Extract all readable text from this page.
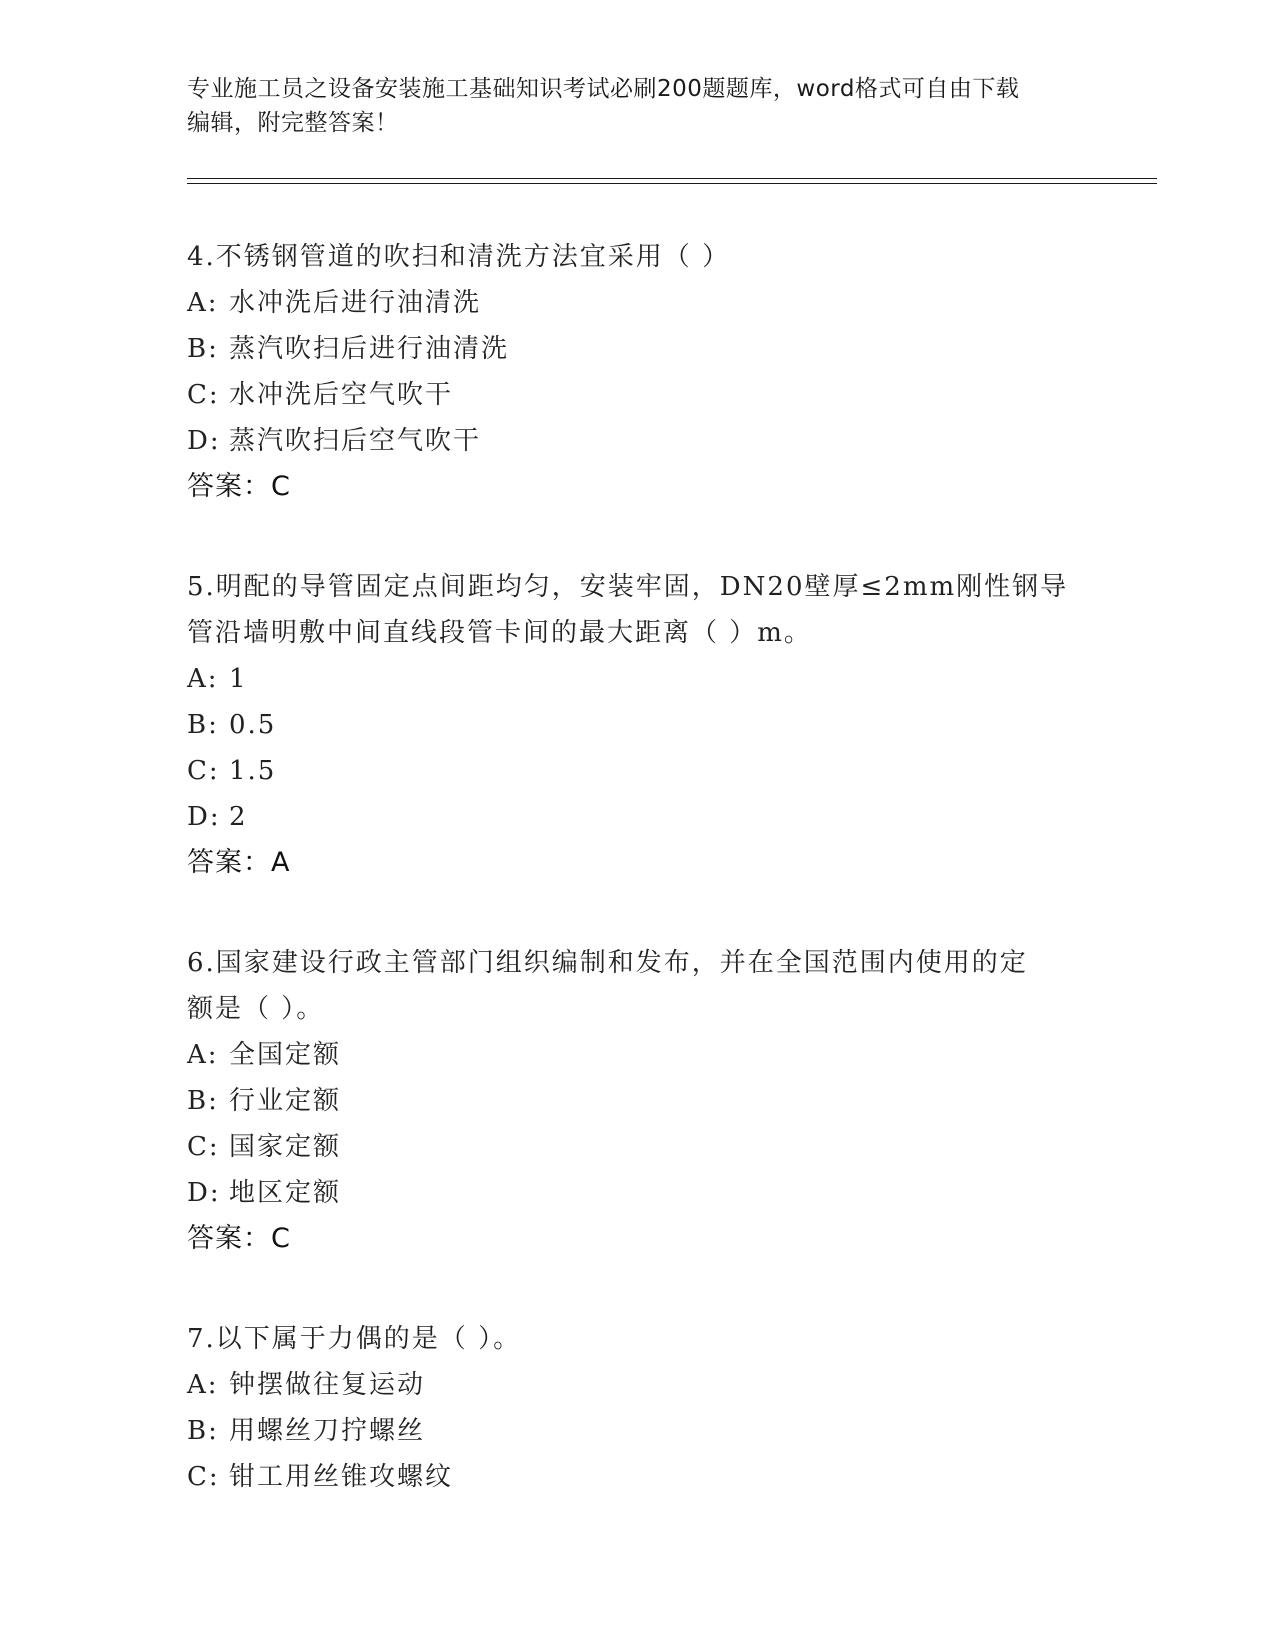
专业施工员之设备安装施工基础知识考试必刷200题题库，word格式可自由下载
编辑，附完整答案！
4.不锈钢管道的吹扫和清洗方法宜采用（ ）
A: 水冲洗后进行油清洗
B: 蒸汽吹扫后进行油清洗
C: 水冲洗后空气吹干
D: 蒸汽吹扫后空气吹干
答案：C
5.明配的导管固定点间距均匀，安装牢固，DN20壁厚≤2mm刚性钢导
管沿墙明敷中间直线段管卡间的最大距离（ ）m。
A: 1
B: 0.5
C: 1.5
D: 2
答案：A
6.国家建设行政主管部门组织编制和发布，并在全国范围内使用的定
额是（ ）。
A: 全国定额
B: 行业定额
C: 国家定额
D: 地区定额
答案：C
7.以下属于力偶的是（ ）。
A: 钟摆做往复运动
B: 用螺丝刀拧螺丝
C: 钳工用丝锥攻螺纹
